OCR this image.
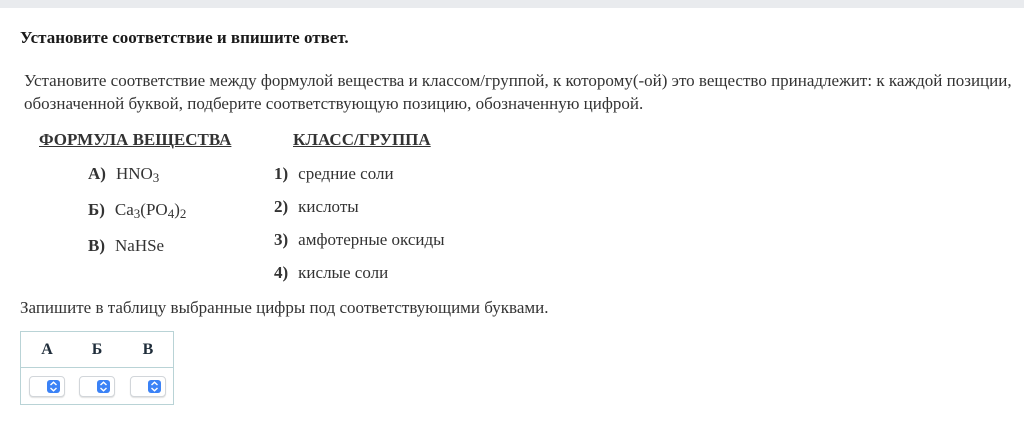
Установите соответствие и впишите ответ.
Установите соответствие между формулой вещества и классом/группой, к которому(-ой) это вещество принадлежит: к каждой позиции, обозначенной буквой, подберите соответствующую позицию, обозначенную цифрой.
ФОРМУЛА ВЕЩЕСТВА	КЛАСС/ГРУППА
А) $HNO_3$
Б) $Ca_3(PO_4)_2$
В) NaHSe
1) средние соли
2) кислоты
3) амфотерные оксиды
4) кислые соли
Запишите в таблицу выбранные цифры под соответствующими буквами.
А	Б	В
